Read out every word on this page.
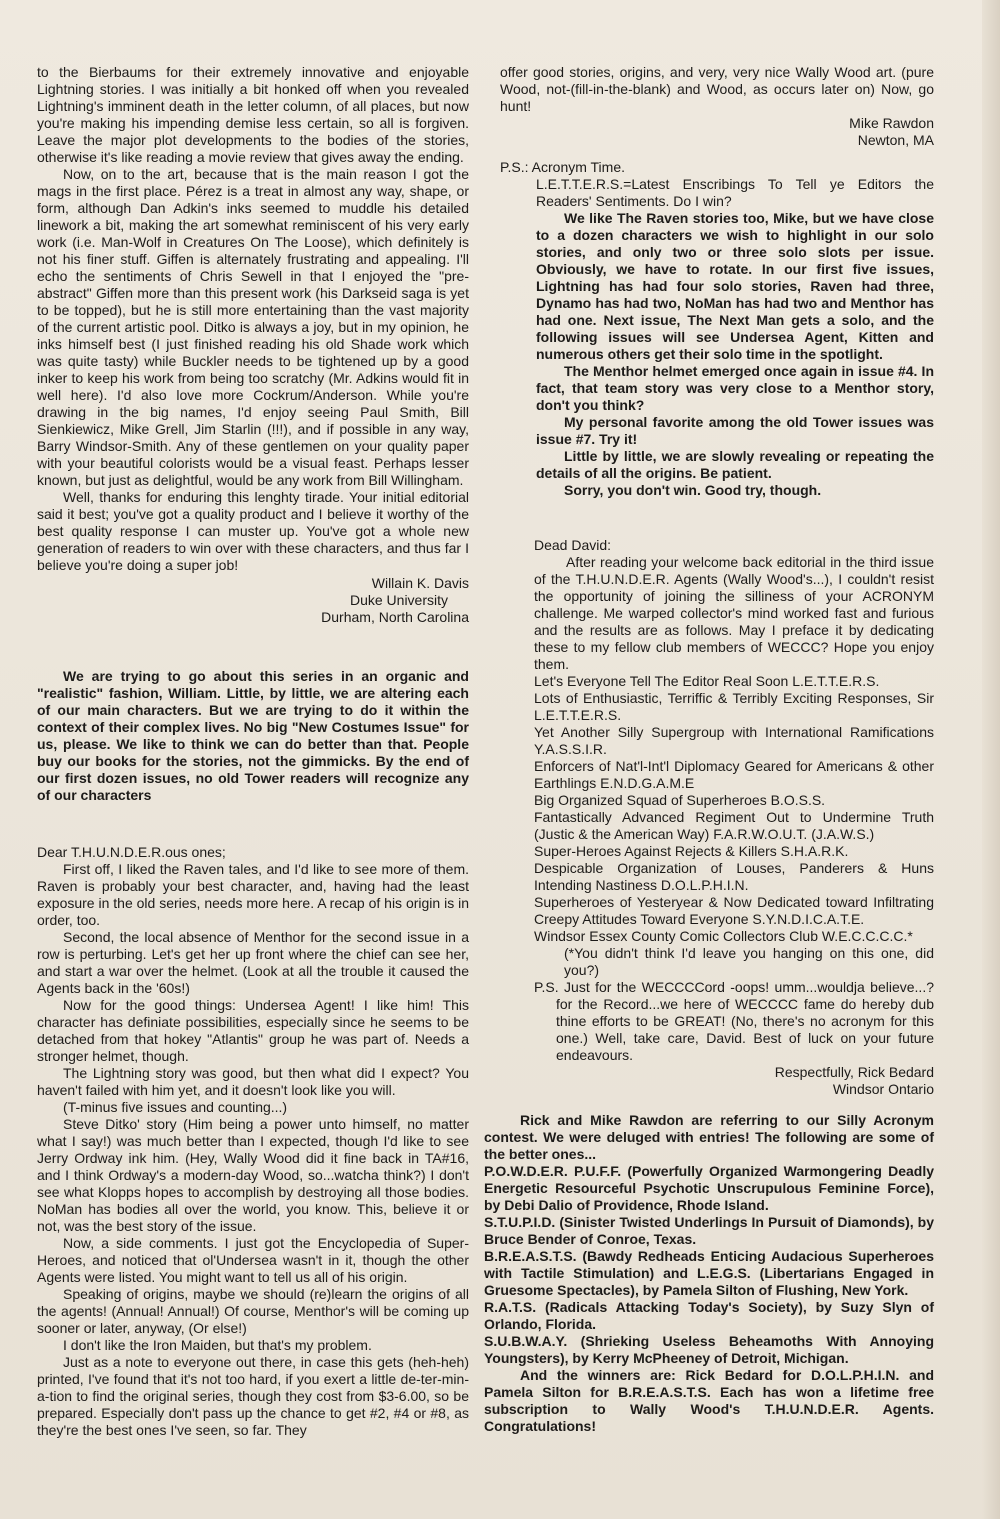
to the Bierbaums for their extremely innovative and enjoyable Lightning stories. I was initially a bit honked off when you revealed Lightning's imminent death in the letter column, of all places, but now you're making his impending demise less certain, so all is forgiven. Leave the major plot developments to the bodies of the stories, otherwise it's like reading a movie review that gives away the ending.

Now, on to the art, because that is the main reason I got the mags in the first place. Pérez is a treat in almost any way, shape, or form, although Dan Adkin's inks seemed to muddle his detailed linework a bit, making the art somewhat reminiscent of his very early work (i.e. Man-Wolf in Creatures On The Loose), which definitely is not his finer stuff. Giffen is alternately frustrating and appealing. I'll echo the sentiments of Chris Sewell in that I enjoyed the "pre-abstract" Giffen more than this present work (his Darkseid saga is yet to be topped), but he is still more entertaining than the vast majority of the current artistic pool. Ditko is always a joy, but in my opinion, he inks himself best (I just finished reading his old Shade work which was quite tasty) while Buckler needs to be tightened up by a good inker to keep his work from being too scratchy (Mr. Adkins would fit in well here). I'd also love more Cockrum/Anderson. While you're drawing in the big names, I'd enjoy seeing Paul Smith, Bill Sienkiewicz, Mike Grell, Jim Starlin (!!!), and if possible in any way, Barry Windsor-Smith. Any of these gentlemen on your quality paper with your beautiful colorists would be a visual feast. Perhaps lesser known, but just as delightful, would be any work from Bill Willingham.

Well, thanks for enduring this lenghty tirade. Your initial editorial said it best; you've got a quality product and I believe it worthy of the best quality response I can muster up. You've got a whole new generation of readers to win over with these characters, and thus far I believe you're doing a super job!

Willain K. Davis

Duke University

Durham, North Carolina

We are trying to go about this series in an organic and "realistic" fashion, William. Little, by little, we are altering each of our main characters. But we are trying to do it within the context of their complex lives. No big "New Costumes Issue" for us, please. We like to think we can do better than that. People buy our books for the stories, not the gimmicks. By the end of our first dozen issues, no old Tower readers will recognize any of our characters

Dear T.H.U.N.D.E.R.ous ones;

First off, I liked the Raven tales, and I'd like to see more of them. Raven is probably your best character, and, having had the least exposure in the old series, needs more here. A recap of his origin is in order, too.

Second, the local absence of Menthor for the second issue in a row is perturbing. Let's get her up front where the chief can see her, and start a war over the helmet. (Look at all the trouble it caused the Agents back in the '60s!)

Now for the good things: Undersea Agent! I like him! This character has definiate possibilities, especially since he seems to be detached from that hokey "Atlantis" group he was part of. Needs a stronger helmet, though.

The Lightning story was good, but then what did I expect? You haven't failed with him yet, and it doesn't look like you will.

(T-minus five issues and counting...)

Steve Ditko' story (Him being a power unto himself, no matter what I say!) was much better than I expected, though I'd like to see Jerry Ordway ink him. (Hey, Wally Wood did it fine back in TA#16, and I think Ordway's a modern-day Wood, so...watcha think?) I don't see what Klopps hopes to accomplish by destroying all those bodies. NoMan has bodies all over the world, you know. This, believe it or not, was the best story of the issue.

Now, a side comments. I just got the Encyclopedia of Super-Heroes, and noticed that ol'Undersea wasn't in it, though the other Agents were listed. You might want to tell us all of his origin.

Speaking of origins, maybe we should (re)learn the origins of all the agents! (Annual! Annual!) Of course, Menthor's will be coming up sooner or later, anyway, (Or else!)

I don't like the Iron Maiden, but that's my problem.

Just as a note to everyone out there, in case this gets (heh-heh) printed, I've found that it's not too hard, if you exert a little de-ter-min-a-tion to find the original series, though they cost from $3-6.00, so be prepared. Especially don't pass up the chance to get #2, #4 or #8, as they're the best ones I've seen, so far. They

offer good stories, origins, and very, very nice Wally Wood art. (pure Wood, not-(fill-in-the-blank) and Wood, as occurs later on) Now, go hunt!

Mike Rawdon

Newton, MA

P.S.: Acronym Time.

L.E.T.T.E.R.S.=Latest Enscribings To Tell ye Editors the Readers' Sentiments. Do I win?

We like The Raven stories too, Mike, but we have close to a dozen characters we wish to highlight in our solo stories, and only two or three solo slots per issue. Obviously, we have to rotate. In our first five issues, Lightning has had four solo stories, Raven had three, Dynamo has had two, NoMan has had two and Menthor has had one. Next issue, The Next Man gets a solo, and the following issues will see Undersea Agent, Kitten and numerous others get their solo time in the spotlight.

The Menthor helmet emerged once again in issue #4. In fact, that team story was very close to a Menthor story, don't you think?

My personal favorite among the old Tower issues was issue #7. Try it!

Little by little, we are slowly revealing or repeating the details of all the origins. Be patient.

Sorry, you don't win. Good try, though.

Dead David:

After reading your welcome back editorial in the third issue of the T.H.U.N.D.E.R. Agents (Wally Wood's...), I couldn't resist the opportunity of joining the silliness of your ACRONYM challenge. Me warped collector's mind worked fast and furious and the results are as follows. May I preface it by dedicating these to my fellow club members of WECCC? Hope you enjoy them.

Let's Everyone Tell The Editor Real Soon L.E.T.T.E.R.S.

Lots of Enthusiastic, Terriffic & Terribly Exciting Responses, Sir L.E.T.T.E.R.S.

Yet Another Silly Supergroup with International Ramifications Y.A.S.S.I.R.

Enforcers of Nat'l-Int'l Diplomacy Geared for Americans & other Earthlings E.N.D.G.A.M.E

Big Organized Squad of Superheroes B.O.S.S.

Fantastically Advanced Regiment Out to Undermine Truth (Justic & the American Way) F.A.R.W.O.U.T. (J.A.W.S.)

Super-Heroes Against Rejects & Killers S.H.A.R.K.

Despicable Organization of Louses, Panderers & Huns Intending Nastiness D.O.L.P.H.I.N.

Superheroes of Yesteryear & Now Dedicated toward Infiltrating Creepy Attitudes Toward Everyone S.Y.N.D.I.C.A.T.E.

Windsor Essex County Comic Collectors Club W.E.C.C.C.C.*

(*You didn't think I'd leave you hanging on this one, did you?)

P.S. Just for the WECCCCord -oops! umm...wouldja believe...? for the Record...we here of WECCCC fame do hereby dub thine efforts to be GREAT! (No, there's no acronym for this one.) Well, take care, David. Best of luck on your future endeavours.

Respectfully, Rick Bedard

Windsor Ontario

Rick and Mike Rawdon are referring to our Silly Acronym contest. We were deluged with entries! The following are some of the better ones...

P.O.W.D.E.R. P.U.F.F. (Powerfully Organized Warmongering Deadly Energetic Resourceful Psychotic Unscrupulous Feminine Force), by Debi Dalio of Providence, Rhode Island.

S.T.U.P.I.D. (Sinister Twisted Underlings In Pursuit of Diamonds), by Bruce Bender of Conroe, Texas.

B.R.E.A.S.T.S. (Bawdy Redheads Enticing Audacious Superheroes with Tactile Stimulation) and L.E.G.S. (Libertarians Engaged in Gruesome Spectacles), by Pamela Silton of Flushing, New York.

R.A.T.S. (Radicals Attacking Today's Society), by Suzy Slyn of Orlando, Florida.

S.U.B.W.A.Y. (Shrieking Useless Beheamoths With Annoying Youngsters), by Kerry McPheeney of Detroit, Michigan.

And the winners are: Rick Bedard for D.O.L.P.H.I.N. and Pamela Silton for B.R.E.A.S.T.S. Each has won a lifetime free subscription to Wally Wood's T.H.U.N.D.E.R. Agents. Congratulations!
